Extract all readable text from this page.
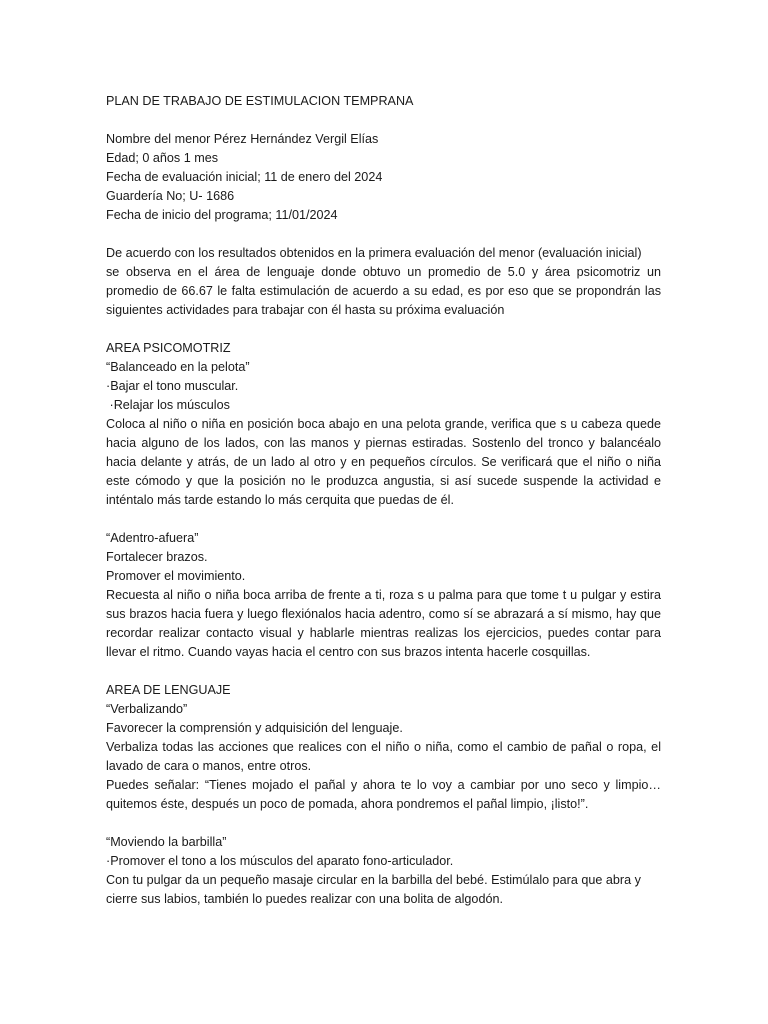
PLAN DE TRABAJO DE ESTIMULACION TEMPRANA
Nombre del menor Pérez Hernández Vergil Elías
Edad; 0 años 1 mes
Fecha de evaluación inicial; 11 de enero del 2024
Guardería No; U- 1686
Fecha de inicio del programa; 11/01/2024
De acuerdo con los resultados obtenidos en la primera evaluación del menor (evaluación inicial)

se observa en el área de lenguaje donde obtuvo un promedio de 5.0 y área psicomotriz un promedio de 66.67 le falta estimulación de acuerdo a su edad, es por eso que se propondrán las siguientes actividades para trabajar con él hasta su próxima evaluación

AREA PSICOMOTRIZ
“Balanceado en la pelota”
·Bajar el tono muscular.
·Relajar los músculos

Coloca al niño o niña en posición boca abajo en una pelota grande, verifica que s u cabeza quede hacia alguno de los lados, con las manos y piernas estiradas. Sostenlo del tronco y balancéalo hacia delante y atrás, de un lado al otro y en pequeños círculos. Se verificará que el niño o niña este cómodo y que la posición no le produzca angustia, si así sucede suspende la actividad e inténtalo más tarde estando lo más cerquita que puedas de él.

“Adentro-afuera”
Fortalecer brazos.
Promover el movimiento.

Recuesta al niño o niña boca arriba de frente a ti, roza s u palma para que tome t u pulgar y estira sus brazos hacia fuera y luego flexiónalos hacia adentro, como sí se abrazará a sí mismo, hay que recordar realizar contacto visual y hablarle mientras realizas los ejercicios, puedes contar para llevar el ritmo. Cuando vayas hacia el centro con sus brazos intenta hacerle cosquillas.

AREA DE LENGUAJE
“Verbalizando”
Favorecer la comprensión y adquisición del lenguaje.

Verbaliza todas las acciones que realices con el niño o niña, como el cambio de pañal o ropa, el lavado de cara o manos, entre otros.

Puedes señalar: “Tienes mojado el pañal y ahora te lo voy a cambiar por uno seco y limpio… quitemos éste, después un poco de pomada, ahora pondremos el pañal limpio, ¡listo!”.

“Moviendo la barbilla”
·Promover el tono a los músculos del aparato fono-articulador.
Con tu pulgar da un pequeño masaje circular en la barbilla del bebé. Estimúlalo para que abra y
cierre sus labios, también lo puedes realizar con una bolita de algodón.
